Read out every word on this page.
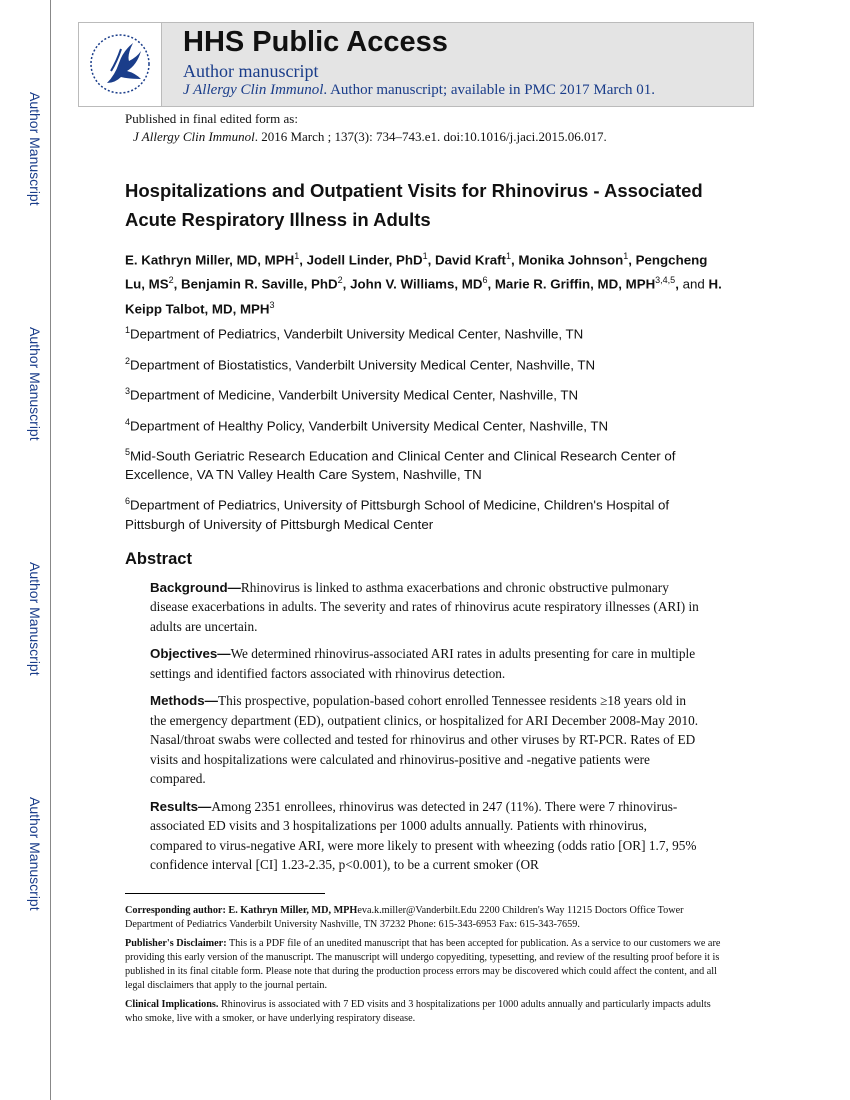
Author Manuscript
Author Manuscript
Author Manuscript
Author Manuscript
HHS Public Access
Author manuscript
J Allergy Clin Immunol. Author manuscript; available in PMC 2017 March 01.
Published in final edited form as:
J Allergy Clin Immunol. 2016 March ; 137(3): 734–743.e1. doi:10.1016/j.jaci.2015.06.017.
Hospitalizations and Outpatient Visits for Rhinovirus - Associated Acute Respiratory Illness in Adults
E. Kathryn Miller, MD, MPH$^1$, Jodell Linder, PhD$^1$, David Kraft$^1$, Monika Johnson$^1$, Pengcheng Lu, $MS^2$, Benjamin R. Saville, PhD$^2$, John V. Williams, $MD^6$, Marie R. Griffin, MD, MPH$^{3,4,5}$, and H. Keipp Talbot, MD, MPH$^3$
$^1$Department of Pediatrics, Vanderbilt University Medical Center, Nashville, TN
$^2$Department of Biostatistics, Vanderbilt University Medical Center, Nashville, TN
$^3$Department of Medicine, Vanderbilt University Medical Center, Nashville, TN
$^4$Department of Healthy Policy, Vanderbilt University Medical Center, Nashville, TN
$^5$Mid-South Geriatric Research Education and Clinical Center and Clinical Research Center of Excellence, VA TN Valley Health Care System, Nashville, TN
$^6$Department of Pediatrics, University of Pittsburgh School of Medicine, Children's Hospital of Pittsburgh of University of Pittsburgh Medical Center
Abstract
Background—Rhinovirus is linked to asthma exacerbations and chronic obstructive pulmonary disease exacerbations in adults. The severity and rates of rhinovirus acute respiratory illnesses (ARI) in adults are uncertain.
Objectives—We determined rhinovirus-associated ARI rates in adults presenting for care in multiple settings and identified factors associated with rhinovirus detection.
Methods—This prospective, population-based cohort enrolled Tennessee residents ≥18 years old in the emergency department (ED), outpatient clinics, or hospitalized for ARI December 2008-May 2010. Nasal/throat swabs were collected and tested for rhinovirus and other viruses by RT-PCR. Rates of ED visits and hospitalizations were calculated and rhinovirus-positive and -negative patients were compared.
Results—Among 2351 enrollees, rhinovirus was detected in 247 (11%). There were 7 rhinovirus-associated ED visits and 3 hospitalizations per 1000 adults annually. Patients with rhinovirus, compared to virus-negative ARI, were more likely to present with wheezing (odds ratio [OR] 1.7, 95% confidence interval [CI] 1.23-2.35, p<0.001), to be a current smoker (OR
Corresponding author: E. Kathryn Miller, MD, MPHeva.k.miller@Vanderbilt.Edu 2200 Children's Way 11215 Doctors Office Tower Department of Pediatrics Vanderbilt University Nashville, TN 37232 Phone: 615-343-6953 Fax: 615-343-7659.
Publisher's Disclaimer: This is a PDF file of an unedited manuscript that has been accepted for publication. As a service to our customers we are providing this early version of the manuscript. The manuscript will undergo copyediting, typesetting, and review of the resulting proof before it is published in its final citable form. Please note that during the production process errors may be discovered which could affect the content, and all legal disclaimers that apply to the journal pertain.
Clinical Implications. Rhinovirus is associated with 7 ED visits and 3 hospitalizations per 1000 adults annually and particularly impacts adults who smoke, live with a smoker, or have underlying respiratory disease.
